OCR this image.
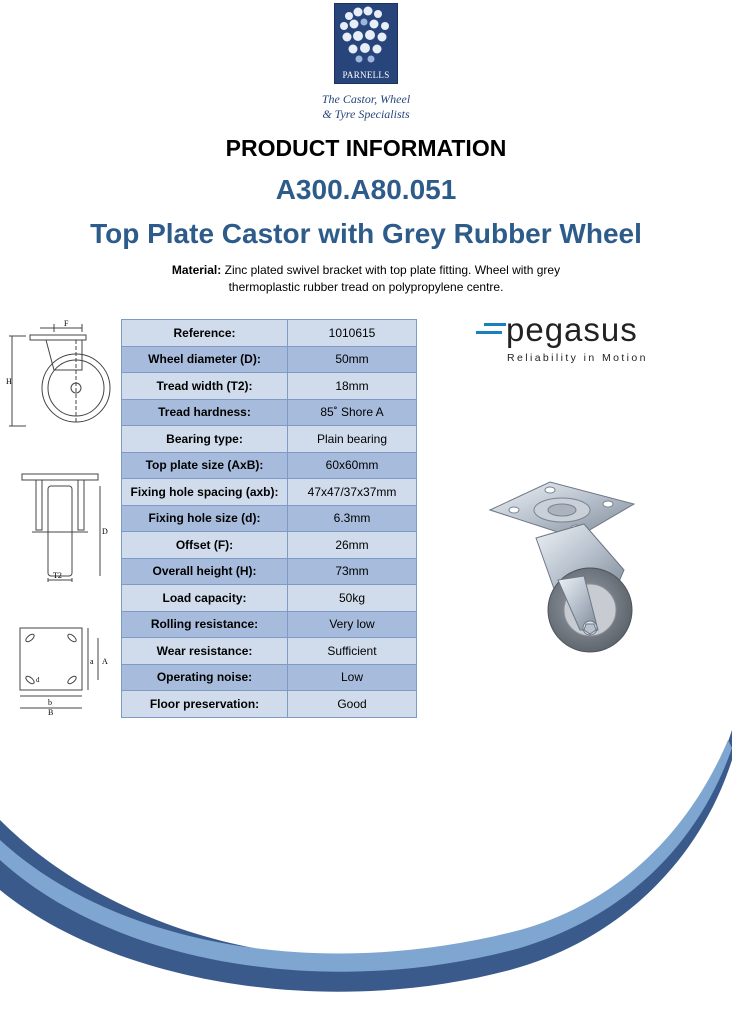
PARNELLS
The Castor, Wheel
& Tyre Specialists
PRODUCT INFORMATION
A300.A80.051
Top Plate Castor with Grey Rubber Wheel
Material: Zinc plated swivel bracket with top plate fitting. Wheel with grey
thermoplastic rubber tread on polypropylene centre.
Reference:	1010615
Wheel diameter (D):	50mm
Tread width (T2):	18mm
Tread hardness:	85˚ Shore A
Bearing type:	Plain bearing
Top plate size (AxB):	60x60mm
Fixing hole spacing (axb):	47x47/37x37mm
Fixing hole size (d):	6.3mm
Offset (F):	26mm
Overall height (H):	73mm
Load capacity:	50kg
Rolling resistance:	Very low
Wear resistance:	Sufficient
Operating noise:	Low
Floor preservation:	Good
F
H
T2
D
b
B
a A
d
pegasus
Reliability in Motion
